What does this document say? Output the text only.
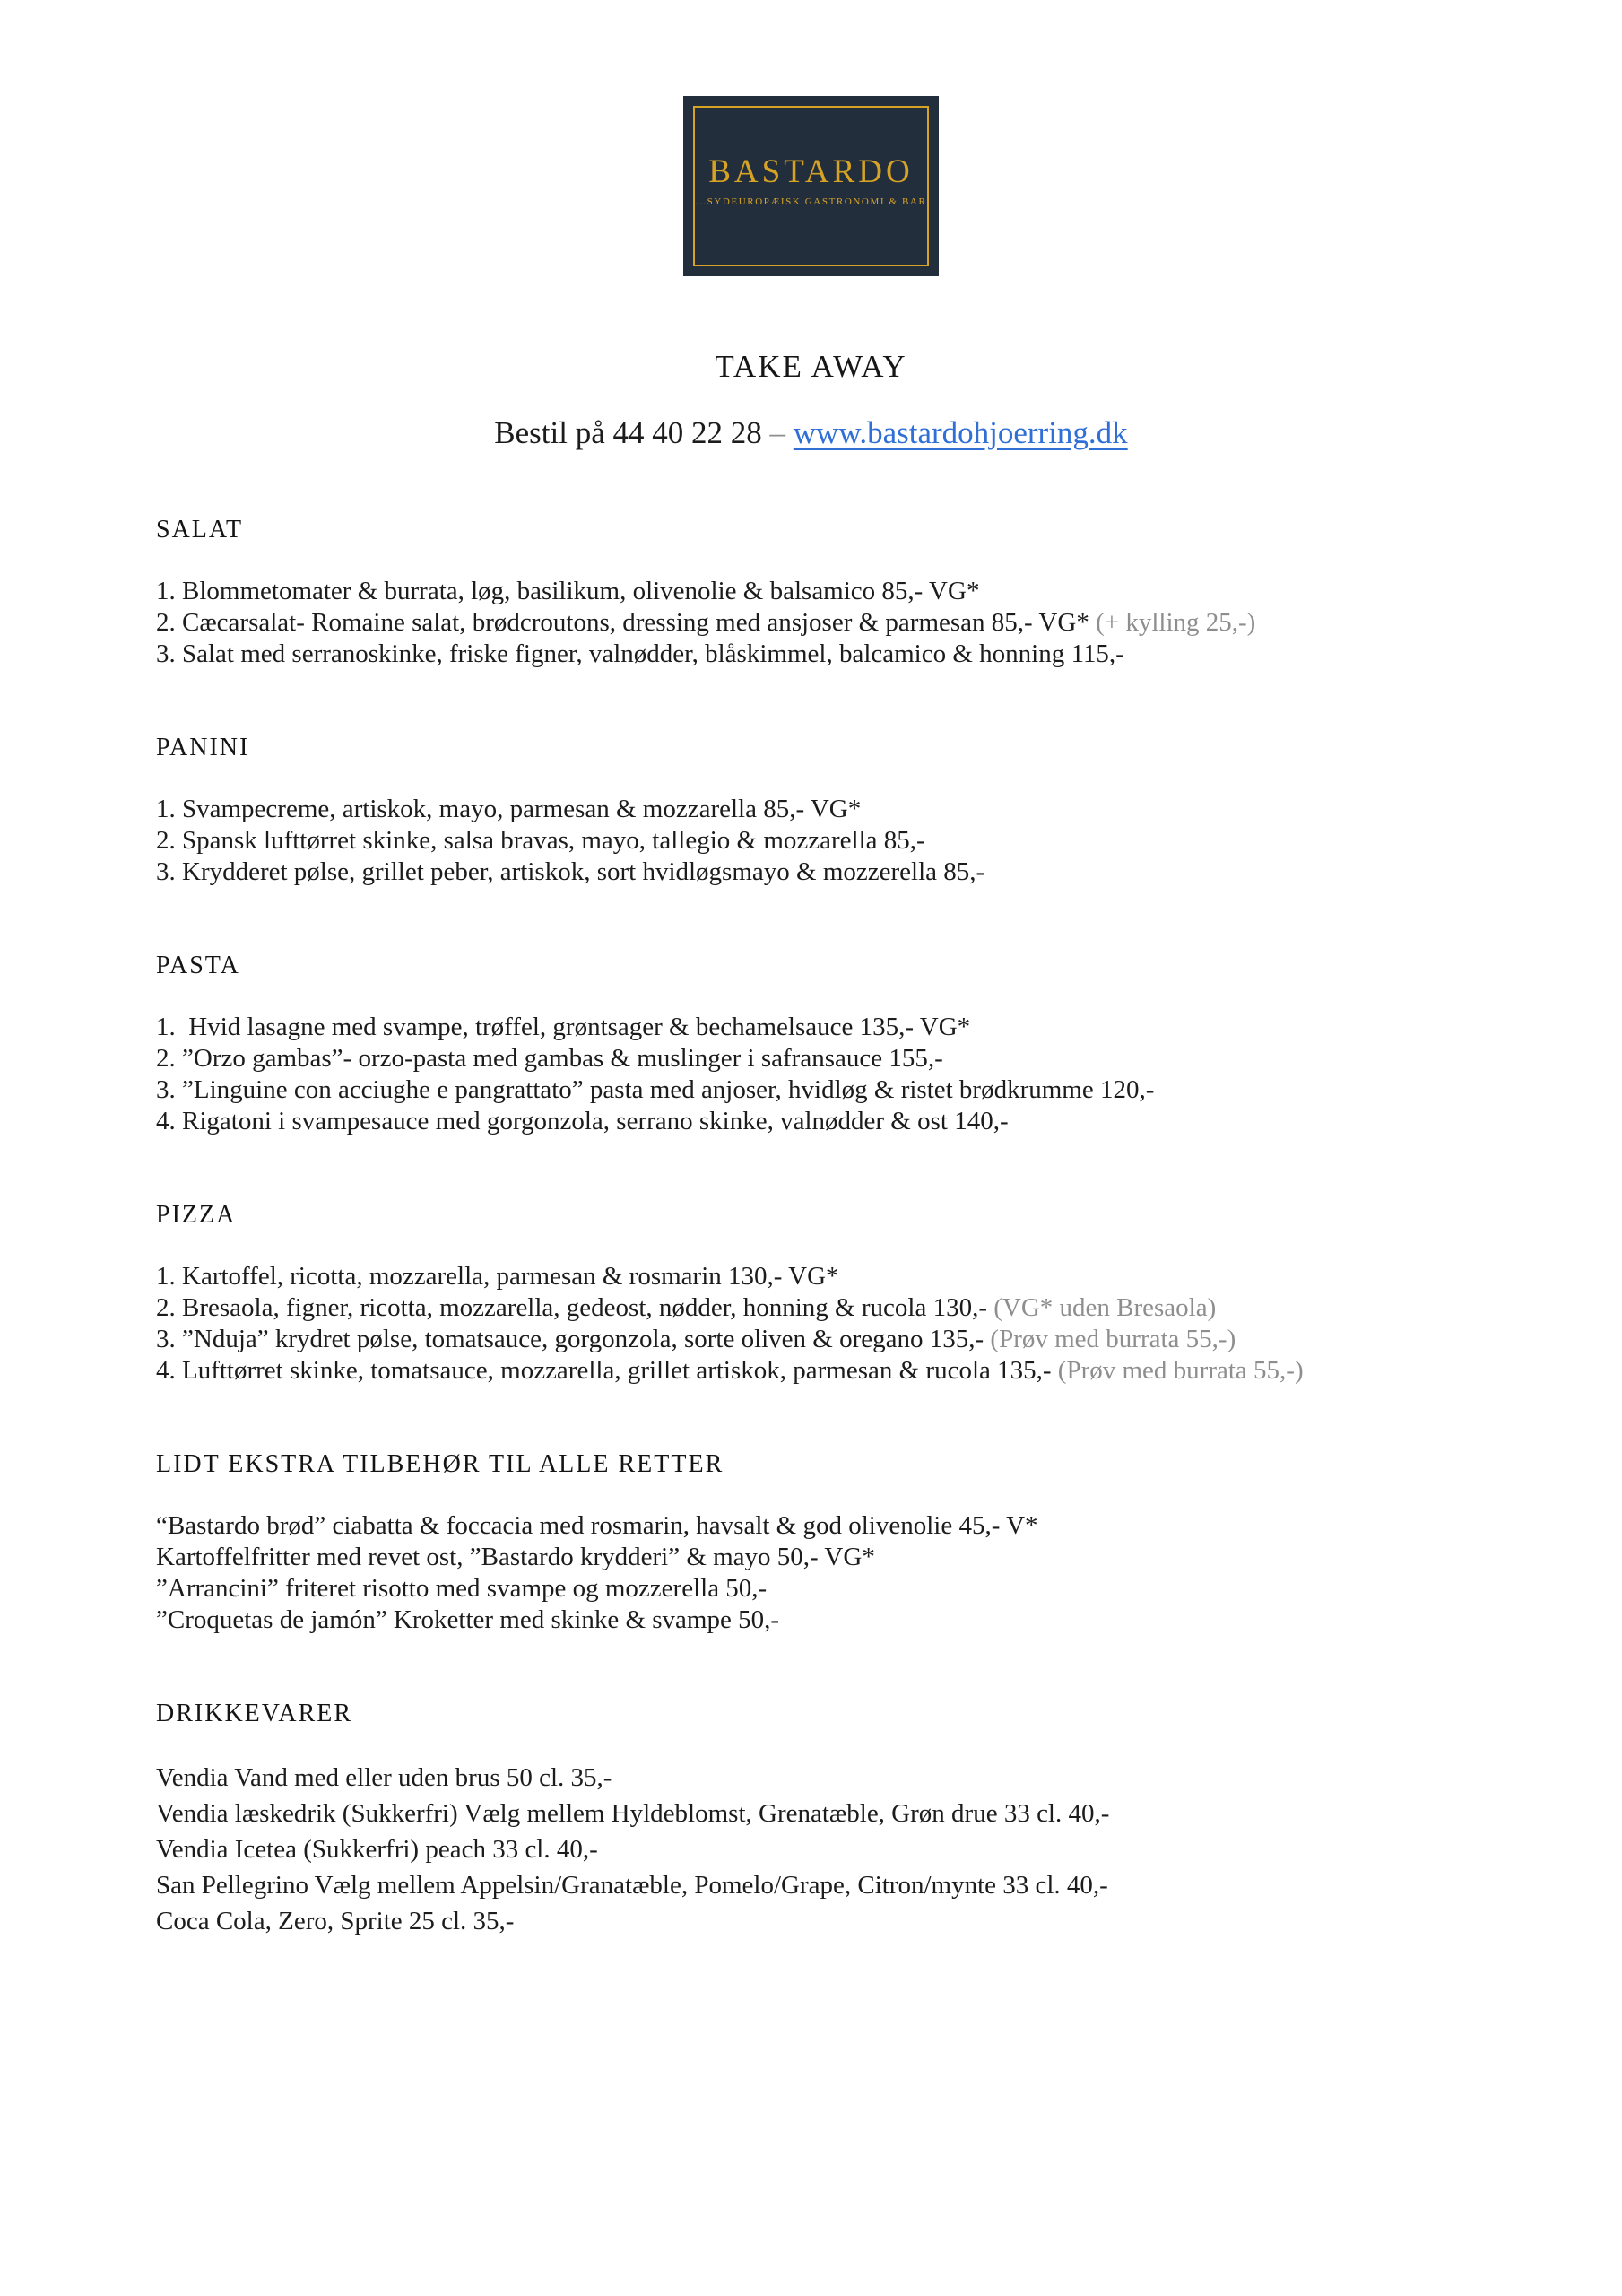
BASTARDO
...SYDEUROPÆISK GASTRONOMI & BAR
TAKE AWAY

Bestil på 44 40 22 28 – www.bastardohjoerring.dk

SALAT

1. Blommetomater & burrata, løg, basilikum, olivenolie & balsamico 85,- VG*

2. Cæcarsalat- Romaine salat, brødcroutons, dressing med ansjoser & parmesan 85,- VG* (+ kylling 25,-)

3. Salat med serranoskinke, friske figner, valnødder, blåskimmel, balcamico & honning 115,-

PANINI

1. Svampecreme, artiskok, mayo, parmesan & mozzarella 85,- VG*

2. Spansk lufttørret skinke, salsa bravas, mayo, tallegio & mozzarella 85,-

3. Krydderet pølse, grillet peber, artiskok, sort hvidløgsmayo & mozzerella 85,-

PASTA

1.  Hvid lasagne med svampe, trøffel, grøntsager & bechamelsauce 135,- VG*

2. ”Orzo gambas”- orzo-pasta med gambas & muslinger i safransauce 155,-

3. ”Linguine con acciughe e pangrattato” pasta med anjoser, hvidløg & ristet brødkrumme 120,-

4. Rigatoni i svampesauce med gorgonzola, serrano skinke, valnødder & ost 140,-

PIZZA

1. Kartoffel, ricotta, mozzarella, parmesan & rosmarin 130,- VG*

2. Bresaola, figner, ricotta, mozzarella, gedeost, nødder, honning & rucola 130,- (VG* uden Bresaola)

3. ”Nduja” krydret pølse, tomatsauce, gorgonzola, sorte oliven & oregano 135,- (Prøv med burrata 55,-)

4. Lufttørret skinke, tomatsauce, mozzarella, grillet artiskok, parmesan & rucola 135,- (Prøv med burrata 55,-)

LIDT EKSTRA TILBEHØR TIL ALLE RETTER

“Bastardo brød” ciabatta & foccacia med rosmarin, havsalt & god olivenolie 45,- V*

Kartoffelfritter med revet ost, ”Bastardo krydderi” & mayo 50,- VG*

”Arrancini” friteret risotto med svampe og mozzerella 50,-

”Croquetas de jamón” Kroketter med skinke & svampe 50,-

DRIKKEVARER

Vendia Vand med eller uden brus 50 cl. 35,-

Vendia læskedrik (Sukkerfri) Vælg mellem Hyldeblomst, Grenatæble, Grøn drue 33 cl. 40,-

Vendia Icetea (Sukkerfri) peach 33 cl. 40,-

San Pellegrino Vælg mellem Appelsin/Granatæble, Pomelo/Grape, Citron/mynte 33 cl. 40,-

Coca Cola, Zero, Sprite 25 cl. 35,-
